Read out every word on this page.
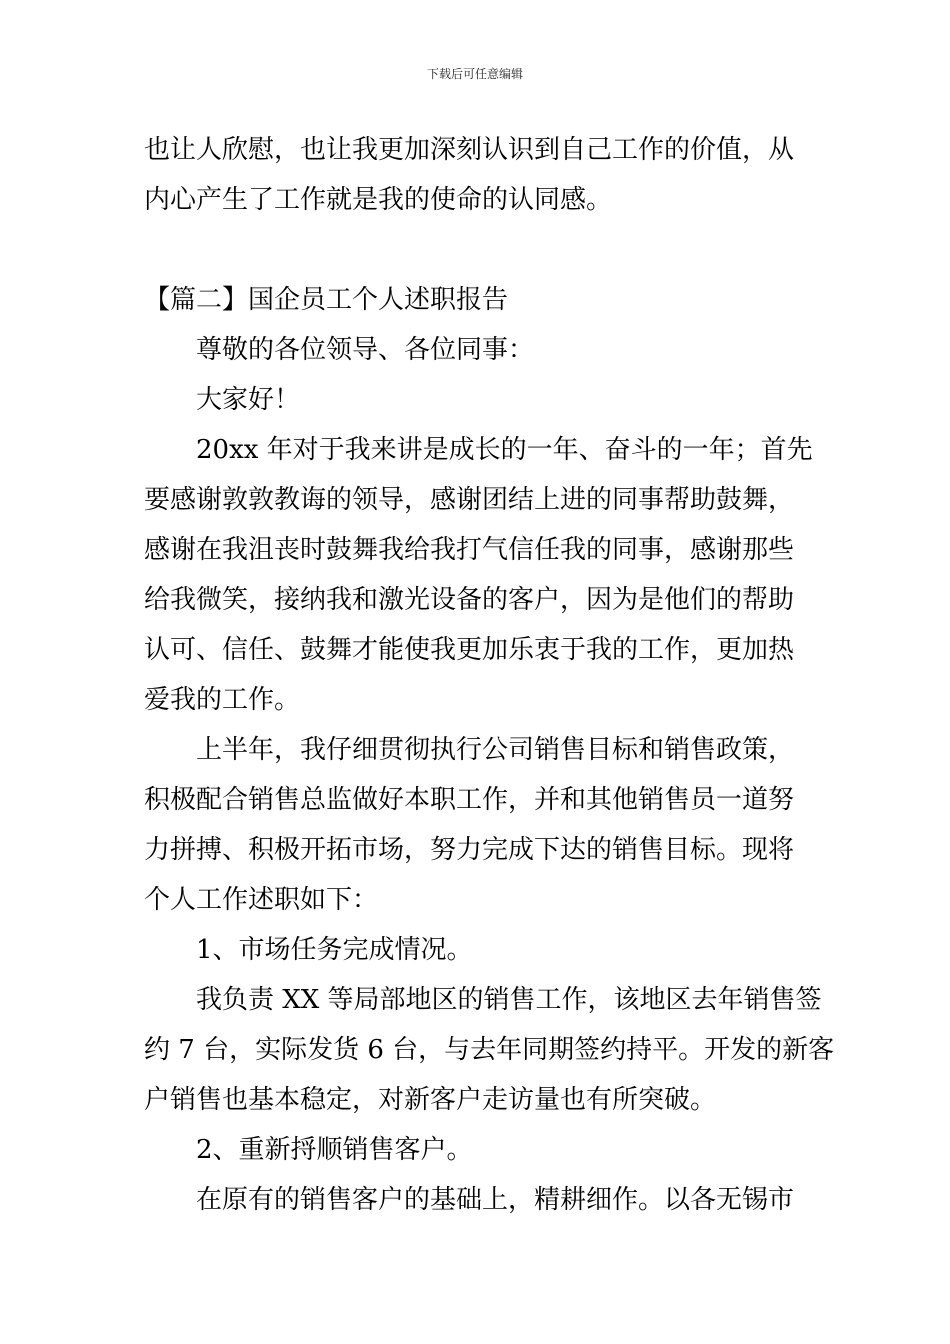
下载后可任意编辑
也让人欣慰，也让我更加深刻认识到自己工作的价值，从
内心产生了工作就是我的使命的认同感。
【篇二】国企员工个人述职报告
尊敬的各位领导、各位同事：
大家好！
20xx 年对于我来讲是成长的一年、奋斗的一年；首先
要感谢敦敦教诲的领导，感谢团结上进的同事帮助鼓舞，
感谢在我沮丧时鼓舞我给我打气信任我的同事，感谢那些
给我微笑，接纳我和激光设备的客户，因为是他们的帮助
认可、信任、鼓舞才能使我更加乐衷于我的工作，更加热
爱我的工作。
上半年，我仔细贯彻执行公司销售目标和销售政策，
积极配合销售总监做好本职工作，并和其他销售员一道努
力拼搏、积极开拓市场，努力完成下达的销售目标。现将
个人工作述职如下：
1、市场任务完成情况。
我负责 XX 等局部地区的销售工作，该地区去年销售签
约 7 台，实际发货 6 台，与去年同期签约持平。开发的新客
户销售也基本稳定，对新客户走访量也有所突破。
2、重新捋顺销售客户。
在原有的销售客户的基础上，精耕细作。以各无锡市
